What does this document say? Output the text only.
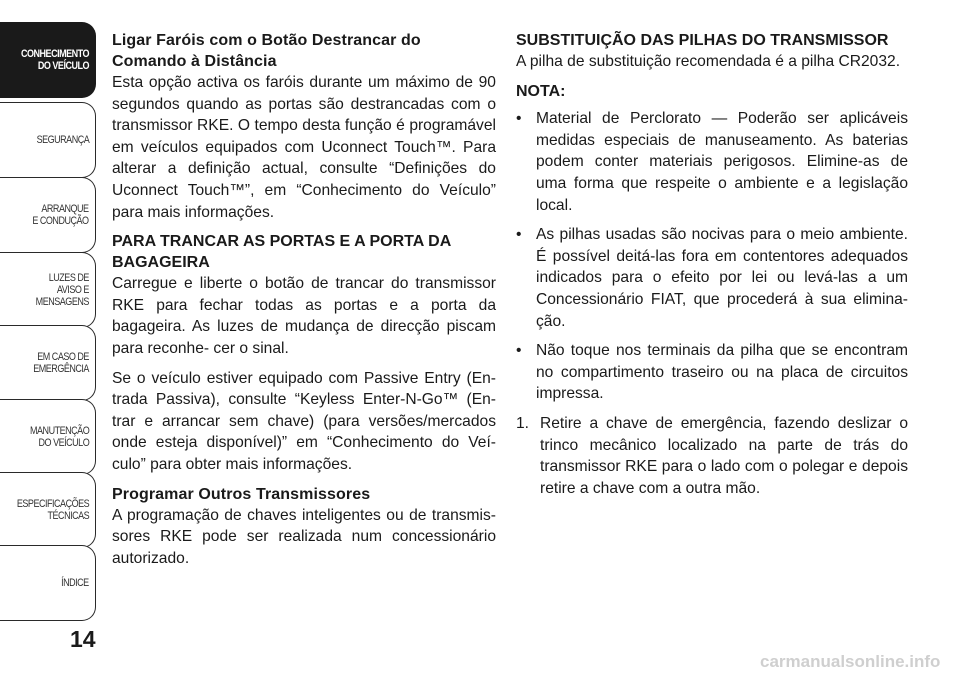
CONHECIMENTO
DO VEÍCULO
SEGURANÇA
ARRANQUE
E CONDUÇÃO
LUZES DE
AVISO E
MENSAGENS
EM CASO DE
EMERGÊNCIA
MANUTENÇÃO
DO VEÍCULO
ESPECIFICAÇÕES
TÉCNICAS
ÍNDICE
14
Ligar Faróis com o Botão Destrancar do Comando à Distância

Esta opção activa os faróis durante um máximo de 90 segundos quando as portas são destrancadas com o transmissor RKE. O tempo desta função é programável em veículos equipados com Uconnect Touch™. Para alterar a definição actual, consulte “Definições do Uconnect Touch™”, em “Conhecimento do Veículo” para mais informações.

PARA TRANCAR AS PORTAS E A PORTA DA BAGAGEIRA

Carregue e liberte o botão de trancar do transmissor RKE para fechar todas as portas e a porta da bagageira. As luzes de mudança de direcção piscam para reconhe- cer o sinal.

Se o veículo estiver equipado com Passive Entry (En- trada Passiva), consulte “Keyless Enter-N-Go™ (En- trar e arrancar sem chave) (para versões/mercados onde esteja disponível)” em “Conhecimento do Veí- culo” para obter mais informações.

Programar Outros Transmissores

A programação de chaves inteligentes ou de transmis- sores RKE pode ser realizada num concessionário autorizado.

SUBSTITUIÇÃO DAS PILHAS DO TRANSMISSOR

A pilha de substituição recomendada é a pilha CR2032.

NOTA:
• Material de Perclorato — Poderão ser aplicáveis medidas especiais de manuseamento. As baterias podem conter materiais perigosos. Elimine-as de uma forma que respeite o ambiente e a legislação local.
• As pilhas usadas são nocivas para o meio ambiente. É possível deitá-las fora em contentores adequados indicados para o efeito por lei ou levá-las a um Concessionário FIAT, que procederá à sua elimina- ção.
• Não toque nos terminais da pilha que se encontram no compartimento traseiro ou na placa de circuitos impressa.
1. Retire a chave de emergência, fazendo deslizar o trinco mecânico localizado na parte de trás do transmissor RKE para o lado com o polegar e depois retire a chave com a outra mão.
carmanualsonline.info
